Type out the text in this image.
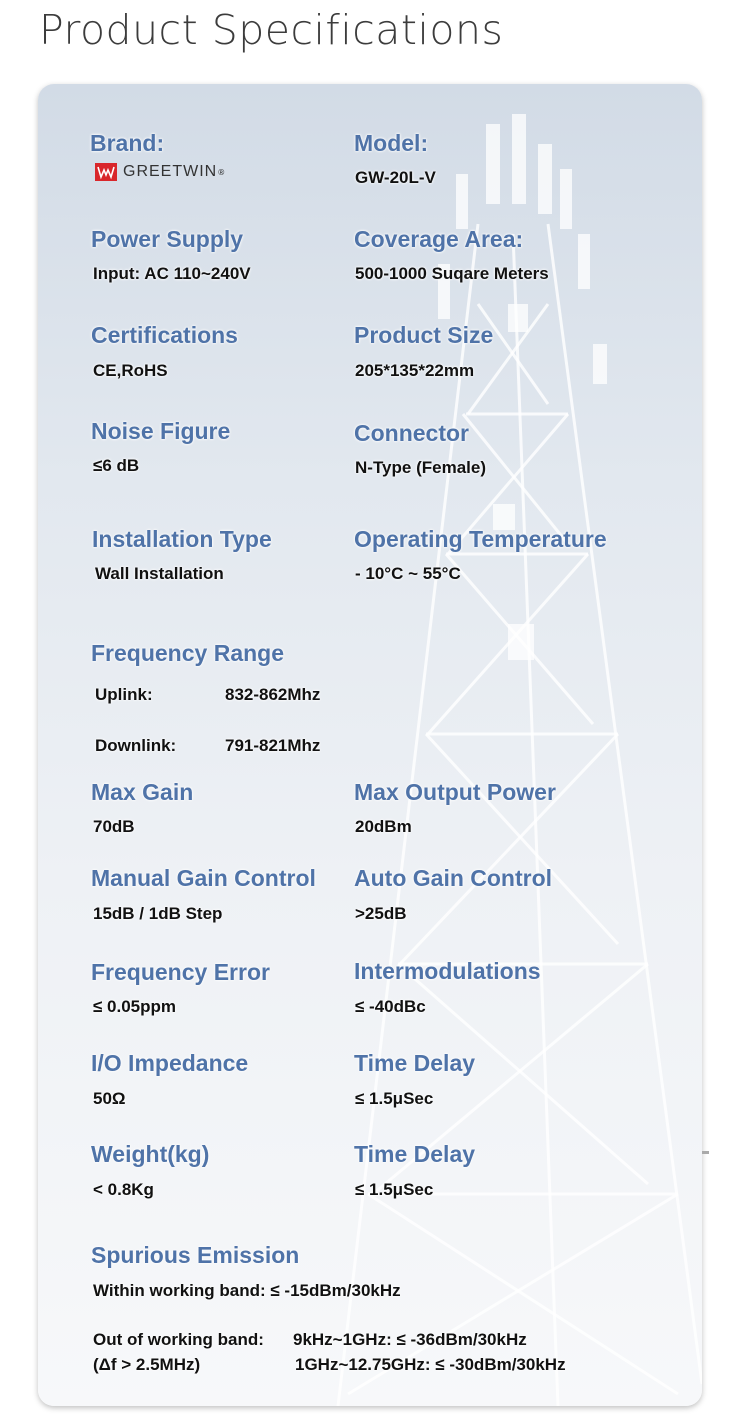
Product Specifications
Brand:
GREETWIN ®
Model:
GW-20L-V
Power Supply
Input: AC 110~240V
Coverage Area:
500-1000 Suqare Meters
Certifications
CE,RoHS
Product Size
205*135*22mm
Noise Figure
≤6 dB
Connector
N-Type (Female)
Installation Type
Wall Installation
Operating Temperature
- 10°C ~ 55°C
Frequency Range
Uplink:	832-862Mhz
Downlink:	791-821Mhz
Max Gain
70dB
Max Output Power
20dBm
Manual Gain Control
15dB / 1dB Step
Auto Gain Control
>25dB
Frequency Error
≤ 0.05ppm
Intermodulations
≤ -40dBc
I/O Impedance
50Ω
Time Delay
≤ 1.5μSec
Weight(kg)
< 0.8Kg
Time Delay
≤ 1.5μSec
Spurious Emission
Within working band: ≤ -15dBm/30kHz
Out of working band:
(Δf > 2.5MHz)
9kHz~1GHz: ≤ -36dBm/30kHz
1GHz~12.75GHz: ≤ -30dBm/30kHz
